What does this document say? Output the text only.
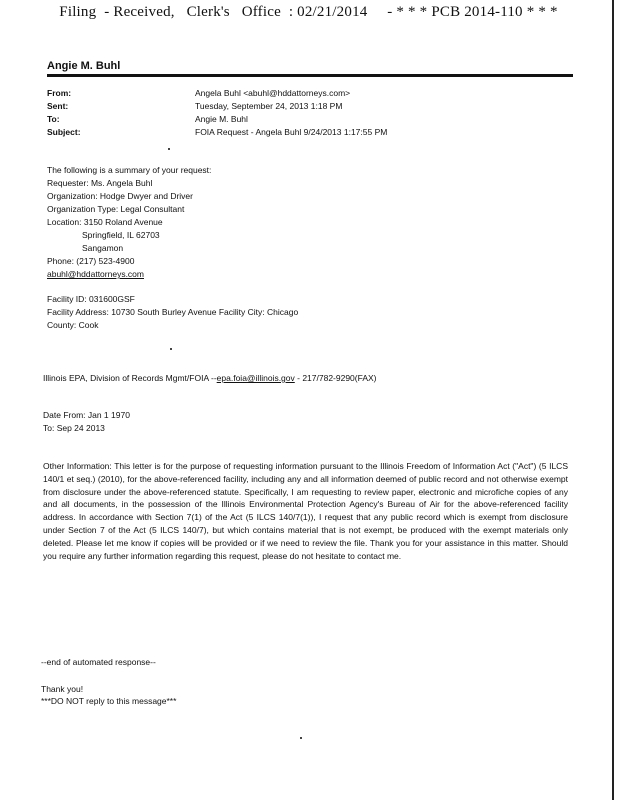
Filing  - Received,   Clerk's   Office  : 02/21/2014     - * * * PCB 2014-110 * * *
Angie M. Buhl
From:	Angela Buhl <abuhl@hddattorneys.com>
Sent:	Tuesday, September 24, 2013 1:18 PM
To:	Angie M. Buhl
Subject:	FOIA Request - Angela Buhl 9/24/2013 1:17:55 PM
The following is a summary of your request:
Requester: Ms. Angela Buhl
Organization: Hodge Dwyer and Driver
Organization Type: Legal Consultant
Location: 3150 Roland Avenue
Springfield, IL 62703
Sangamon
Phone: (217) 523-4900
abuhl@hddattorneys.com
Facility ID: 031600GSF
Facility Address: 10730 South Burley Avenue Facility City: Chicago
County: Cook
Illinois EPA, Division of Records Mgmt/FOIA --epa.foia@illinois.gov - 217/782-9290(FAX)
Date From: Jan 1 1970
To: Sep 24 2013
Other Information: This letter is for the purpose of requesting information pursuant to the Illinois Freedom of Information Act ("Act") (5 ILCS 140/1 et seq.) (2010), for the above-referenced facility, including any and all information deemed of public record and not otherwise exempt from disclosure under the above-referenced statute. Specifically, I am requesting to review paper, electronic and microfiche copies of any and all documents, in the possession of the Illinois Environmental Protection Agency's Bureau of Air for the above-referenced facility address. In accordance with Section 7(1) of the Act (5 ILCS 140/7(1)), I request that any public record which is exempt from disclosure under Section 7 of the Act (5 ILCS 140/7), but which contains material that is not exempt, be produced with the exempt materials only deleted. Please let me know if copies will be provided or if we need to review the file. Thank you for your assistance in this matter. Should you require any further information regarding this request, please do not hesitate to contact me.
--end of automated response--
Thank you!
***DO NOT reply to this message***
